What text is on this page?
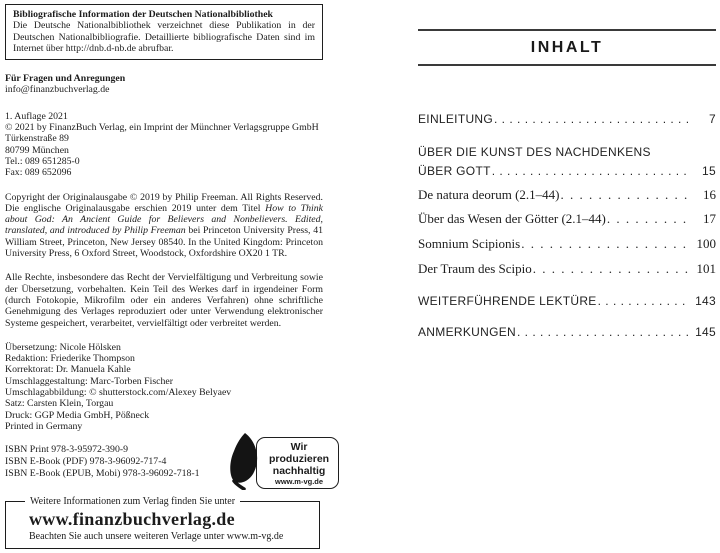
Bibliografische Information der Deutschen Nationalbibliothek
Die Deutsche Nationalbibliothek verzeichnet diese Publikation in der Deutschen Nationalbibliografie. Detaillierte bibliografische Daten sind im Internet über http://dnb.d-nb.de abrufbar.
Für Fragen und Anregungen
info@finanzbuchverlag.de
1. Auflage 2021
© 2021 by FinanzBuch Verlag, ein Imprint der Münchner Verlagsgruppe GmbH
Türkenstraße 89
80799 München
Tel.: 089 651285-0
Fax: 089 652096

Copyright der Originalausgabe © 2019 by Philip Freeman. All Rights Reserved. Die englische Originalausgabe erschien 2019 unter dem Titel How to Think about God: An Ancient Guide for Believers and Nonbelievers. Edited, translated, and introduced by Philip Freeman bei Princeton University Press, 41 William Street, Princeton, New Jersey 08540. In the United Kingdom: Princeton University Press, 6 Oxford Street, Woodstock, Oxfordshire OX20 1 TR.

Alle Rechte, insbesondere das Recht der Vervielfältigung und Verbreitung sowie der Übersetzung, vorbehalten. Kein Teil des Werkes darf in irgendeiner Form (durch Fotokopie, Mikrofilm oder ein anderes Verfahren) ohne schriftliche Genehmigung des Verlages reproduziert oder unter Verwendung elektronischer Systeme gespeichert, verarbeitet, vervielfältigt oder verbreitet werden.

Übersetzung: Nicole Hölsken
Redaktion: Friederike Thompson
Korrektorat: Dr. Manuela Kahle
Umschlaggestaltung: Marc-Torben Fischer
Umschlagabbildung: © shutterstock.com/Alexey Belyaev
Satz: Carsten Klein, Torgau
Druck: GGP Media GmbH, Pößneck
Printed in Germany
ISBN Print 978-3-95972-390-9
ISBN E-Book (PDF) 978-3-96092-717-4
ISBN E-Book (EPUB, Mobi) 978-3-96092-718-1
Wir produzieren
nachhaltig
www.m-vg.de
Weitere Informationen zum Verlag finden Sie unter
www.finanzbuchverlag.de
Beachten Sie auch unsere weiteren Verlage unter www.m-vg.de
INHALT
EINLEITUNG . . .	7
ÜBER DIE KUNST DES NACHDENKENS
ÜBER GOTT . . .	15
De natura deorum (2.1–44) . . .	16
Über das Wesen der Götter (2.1–44) . . .	17
Somnium Scipionis . . .	100
Der Traum des Scipio . . .	101
WEITERFÜHRENDE LEKTÜRE . . .	143
ANMERKUNGEN . . .	145
